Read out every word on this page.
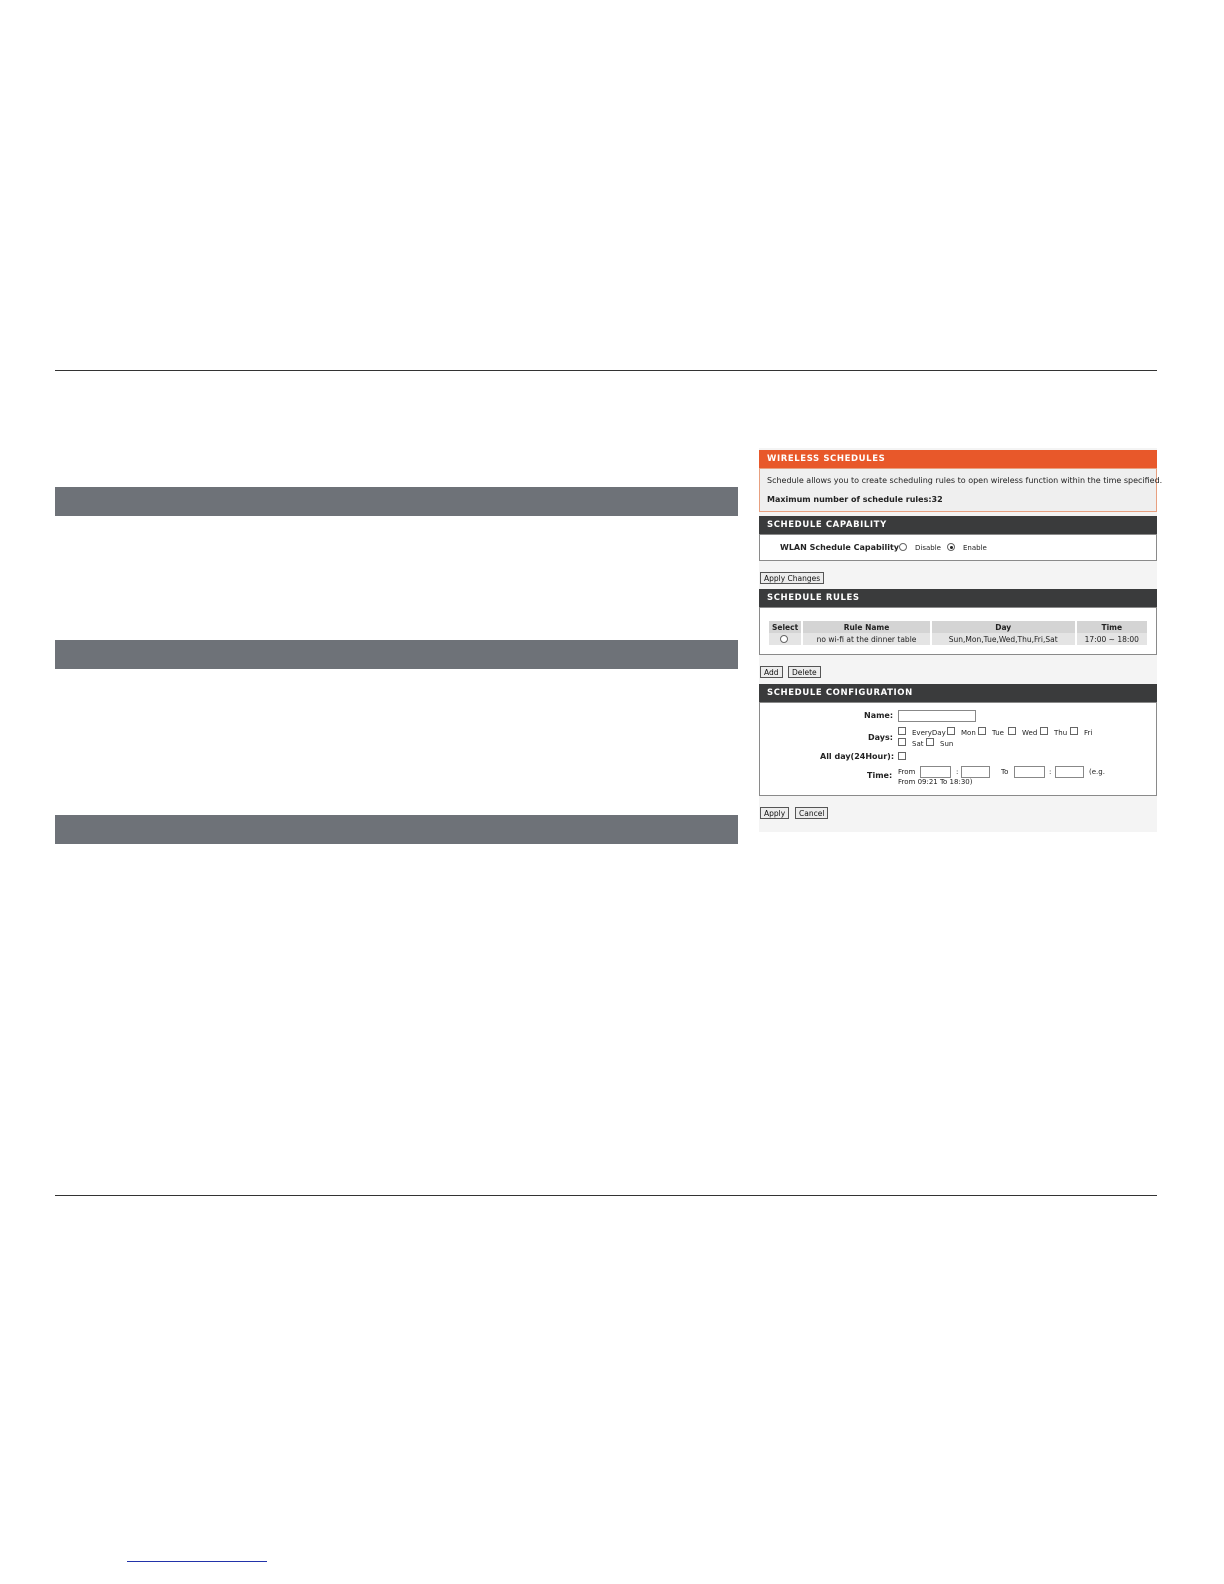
WIRELESS SCHEDULES
Schedule allows you to create scheduling rules to open wireless function within the time specified.
Maximum number of schedule rules:32
SCHEDULE CAPABILITY
WLAN Schedule Capability Disable	Enable
Apply Changes
SCHEDULE RULES
Select	Rule Name	Day	Time

	no wi-fi at the dinner table	Sun,Mon,Tue,Wed,Thu,Fri,Sat	17:00 ~ 18:00
Add	Delete
SCHEDULE CONFIGURATION
Name:
Days:	EveryDay Mon Tue	Wed Thu Fri
Sat Sun
All day(24Hour):
Time: From	:	To	:	(e.g.
From 09:21 To 18:30)
Apply	Cancel
